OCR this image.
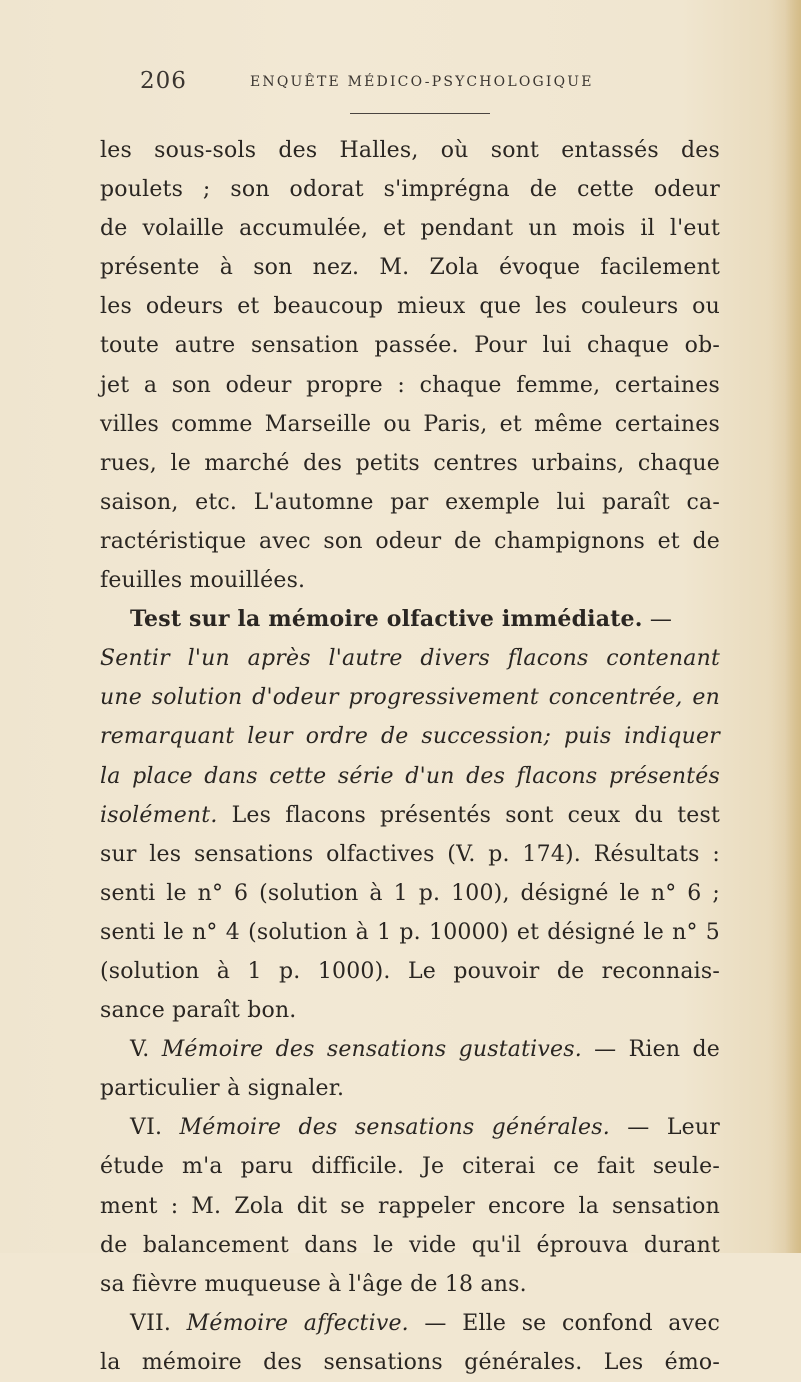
206	ENQUÊTE MÉDICO-PSYCHOLOGIQUE
les sous-sols des Halles, où sont entassés des
poulets ; son odorat s'imprégna de cette odeur
de volaille accumulée, et pendant un mois il l'eut
présente à son nez. M. Zola évoque facilement
les odeurs et beaucoup mieux que les couleurs ou
toute autre sensation passée. Pour lui chaque ob-
jet a son odeur propre : chaque femme, certaines
villes comme Marseille ou Paris, et même certaines
rues, le marché des petits centres urbains, chaque
saison, etc. L'automne par exemple lui paraît ca-
ractéristique avec son odeur de champignons et de
feuilles mouillées.
Test sur la mémoire olfactive immédiate. —
Sentir l'un après l'autre divers flacons contenant
une solution d'odeur progressivement concentrée, en
remarquant leur ordre de succession; puis indiquer
la place dans cette série d'un des flacons présentés
isolément. Les flacons présentés sont ceux du test
sur les sensations olfactives (V. p. 174). Résultats :
senti le n° 6 (solution à 1 p. 100), désigné le n° 6 ;
senti le n° 4 (solution à 1 p. 10000) et désigné le n° 5
(solution à 1 p. 1000). Le pouvoir de reconnais-
sance paraît bon.
V. Mémoire des sensations gustatives. — Rien de
particulier à signaler.
VI. Mémoire des sensations générales. — Leur
étude m'a paru difficile. Je citerai ce fait seule-
ment : M. Zola dit se rappeler encore la sensation
de balancement dans le vide qu'il éprouva durant
sa fièvre muqueuse à l'âge de 18 ans.
VII. Mémoire affective. — Elle se confond avec
la mémoire des sensations générales. Les émo-
